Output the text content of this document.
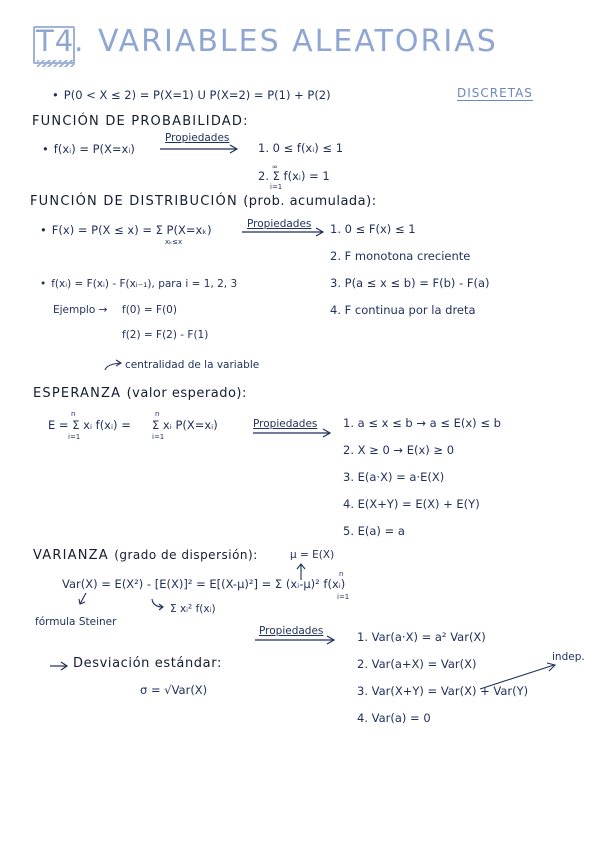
T4. VARIABLES ALEATORIAS
DISCRETAS
• P(0 < X ≤ 2) = P(X=1) U P(X=2) = P(1) + P(2)
FUNCIÓN DE PROBABILIDAD:
• f(xᵢ) = P(X=xᵢ)
Propiedades
1. 0 ≤ f(xᵢ) ≤ 1
∞
2. Σ f(xᵢ) = 1
i=1
FUNCIÓN DE DISTRIBUCIÓN (prob. acumulada):
• F(x) = P(X ≤ x) = Σ P(X=xₖ)
xₖ≤x
Propiedades 1. 0 ≤ F(x) ≤ 1
2. F monotona creciente
3. P(a ≤ x ≤ b) = F(b) - F(a)
4. F continua por la dreta
• f(xᵢ) = F(xᵢ) - F(xᵢ₋₁), para i = 1, 2, 3
Ejemplo → f(0) = F(0)
f(2) = F(2) - F(1)
centralidad de la variable
ESPERANZA (valor esperado):
n
E = Σ xᵢ f(xᵢ) =
i=1
n
Σ xᵢ P(X=xᵢ)
i=1
Propiedades 1. a ≤ x ≤ b → a ≤ E(x) ≤ b
2. X ≥ 0 → E(x) ≥ 0
3. E(a·X) = a·E(X)
4. E(X+Y) = E(X) + E(Y)
5. E(a) = a
VARIANZA (grado de dispersión):	μ = E(X)
n
Var(X) = E(X²) - [E(X)]² = E[(X-μ)²] = Σ (xᵢ-μ)² f(xᵢ)
i=1
fórmula Steiner
Σ xᵢ² f(xᵢ)
Propiedades	1. Var(a·X) = a² Var(X)
2. Var(a+X) = Var(X)	indep.
3. Var(X+Y) = Var(X) + Var(Y)
4. Var(a) = 0
Desviación estándar:
σ = √Var(X)
